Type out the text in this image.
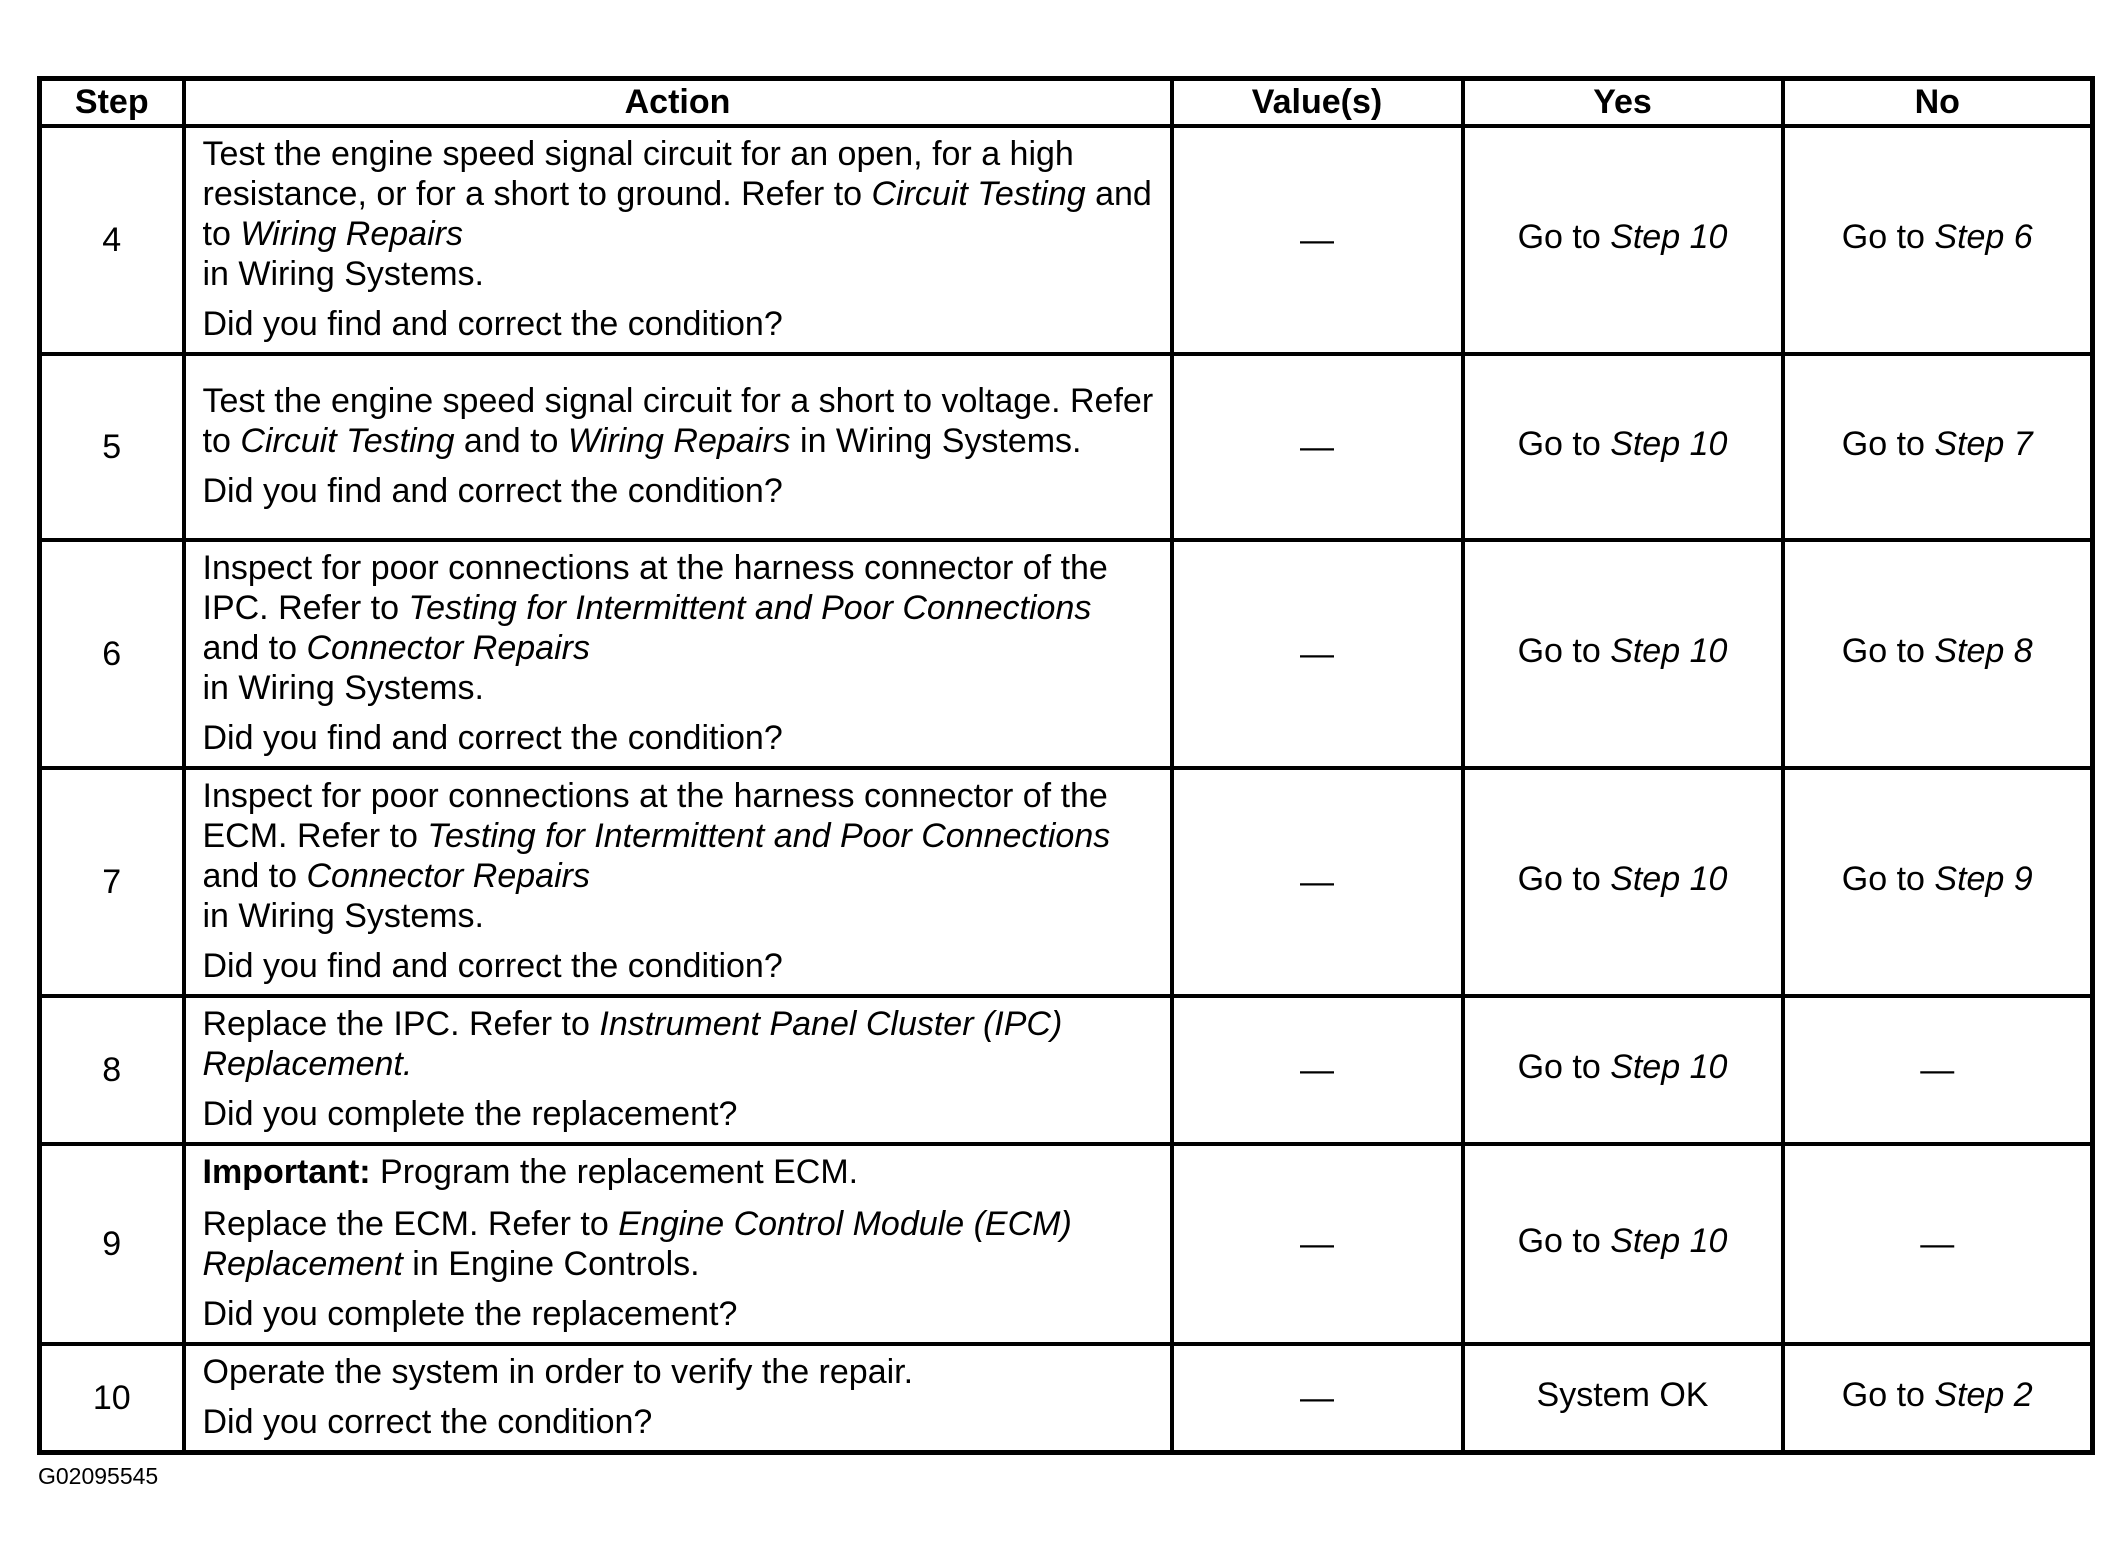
Step	Action	Value(s)	Yes	No
4	Test the engine speed signal circuit for an open, for a high resistance, or for a short to ground. Refer to Circuit Testing and to Wiring Repairs
in Wiring Systems.

Did you find and correct the condition?	—	Go to Step 10	Go to Step 6
5	Test the engine speed signal circuit for a short to voltage. Refer to Circuit Testing and to Wiring Repairs in Wiring Systems.

Did you find and correct the condition?	—	Go to Step 10	Go to Step 7
6	Inspect for poor connections at the harness connector of the IPC. Refer to Testing for Intermittent and Poor Connections and to Connector Repairs
in Wiring Systems.

Did you find and correct the condition?	—	Go to Step 10	Go to Step 8
7	Inspect for poor connections at the harness connector of the ECM. Refer to Testing for Intermittent and Poor Connections and to Connector Repairs
in Wiring Systems.

Did you find and correct the condition?	—	Go to Step 10	Go to Step 9
8	Replace the IPC. Refer to Instrument Panel Cluster (IPC) Replacement.

Did you complete the replacement?	—	Go to Step 10	—
9	Important: Program the replacement ECM.

Replace the ECM. Refer to Engine Control Module (ECM) Replacement in Engine Controls.

Did you complete the replacement?	—	Go to Step 10	—
10	Operate the system in order to verify the repair.

Did you correct the condition?	—	System OK	Go to Step 2
G02095545
